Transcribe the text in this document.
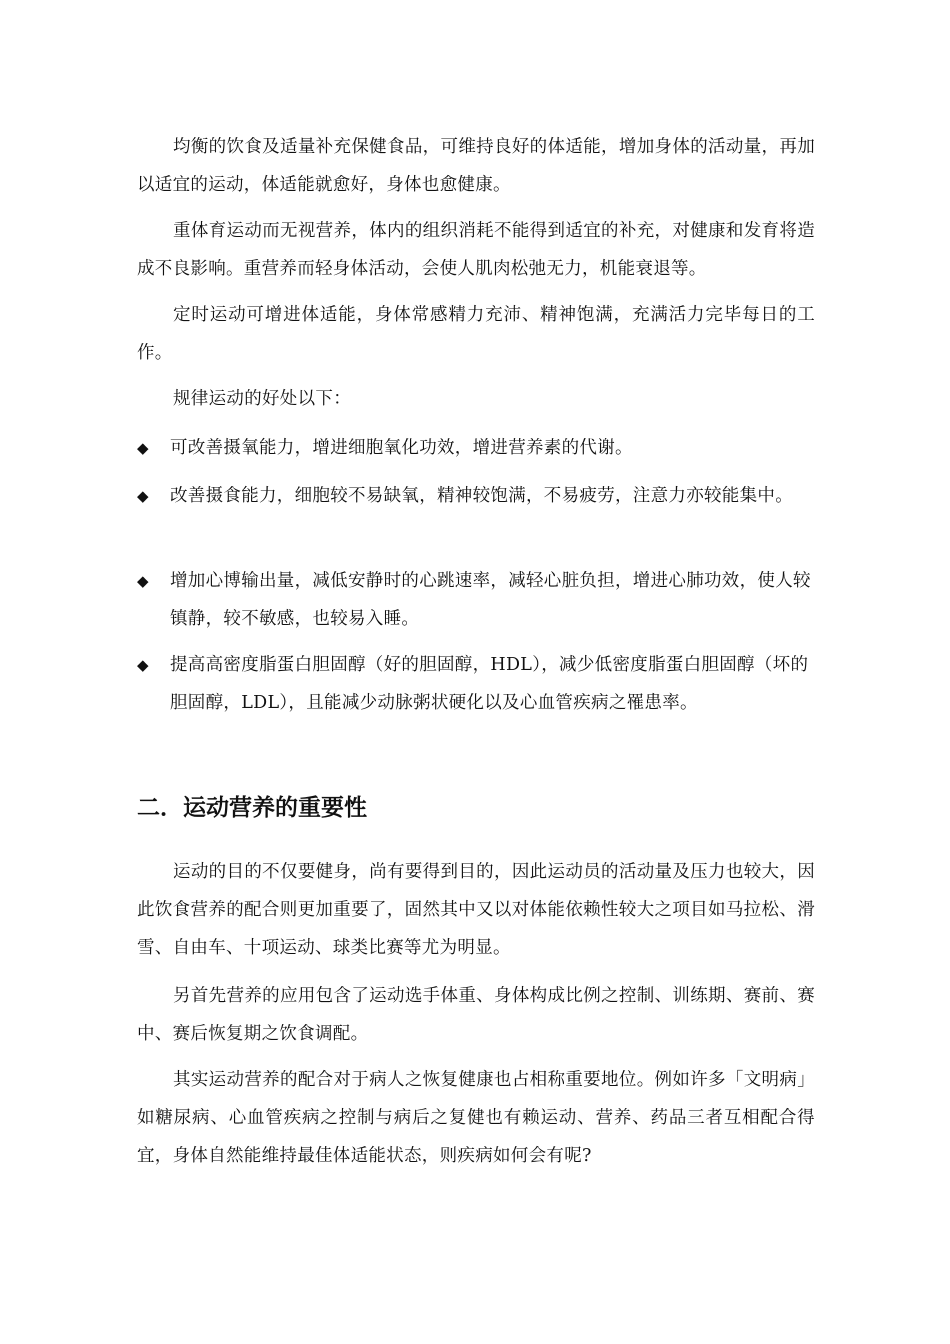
均衡的饮食及适量补充保健食品，可维持良好的体适能，增加身体的活动量，再加以适宜的运动，体适能就愈好，身体也愈健康。

重体育运动而无视营养，体内的组织消耗不能得到适宜的补充，对健康和发育将造成不良影响。重营养而轻身体活动，会使人肌肉松弛无力，机能衰退等。

定时运动可增进体适能，身体常感精力充沛、精神饱满，充满活力完毕每日的工作。

规律运动的好处以下：

◆	可改善摄氧能力，增进细胞氧化功效，增进营养素的代谢。
◆	改善摄食能力，细胞较不易缺氧，精神较饱满，不易疲劳，注意力亦较能集中。
◆	增加心博输出量，减低安静时的心跳速率，减轻心脏负担，增进心肺功效，使人较镇静，较不敏感，也较易入睡。
◆	提高高密度脂蛋白胆固醇（好的胆固醇，HDL），减少低密度脂蛋白胆固醇（坏的胆固醇，LDL），且能减少动脉粥状硬化以及心血管疾病之罹患率。
二．运动营养的重要性

运动的目的不仅要健身，尚有要得到目的，因此运动员的活动量及压力也较大，因此饮食营养的配合则更加重要了，固然其中又以对体能依赖性较大之项目如马拉松、滑雪、自由车、十项运动、球类比赛等尤为明显。

另首先营养的应用包含了运动选手体重、身体构成比例之控制、训练期、赛前、赛中、赛后恢复期之饮食调配。

其实运动营养的配合对于病人之恢复健康也占相称重要地位。例如许多「文明病」如糖尿病、心血管疾病之控制与病后之复健也有赖运动、营养、药品三者互相配合得宜，身体自然能维持最佳体适能状态，则疾病如何会有呢?
